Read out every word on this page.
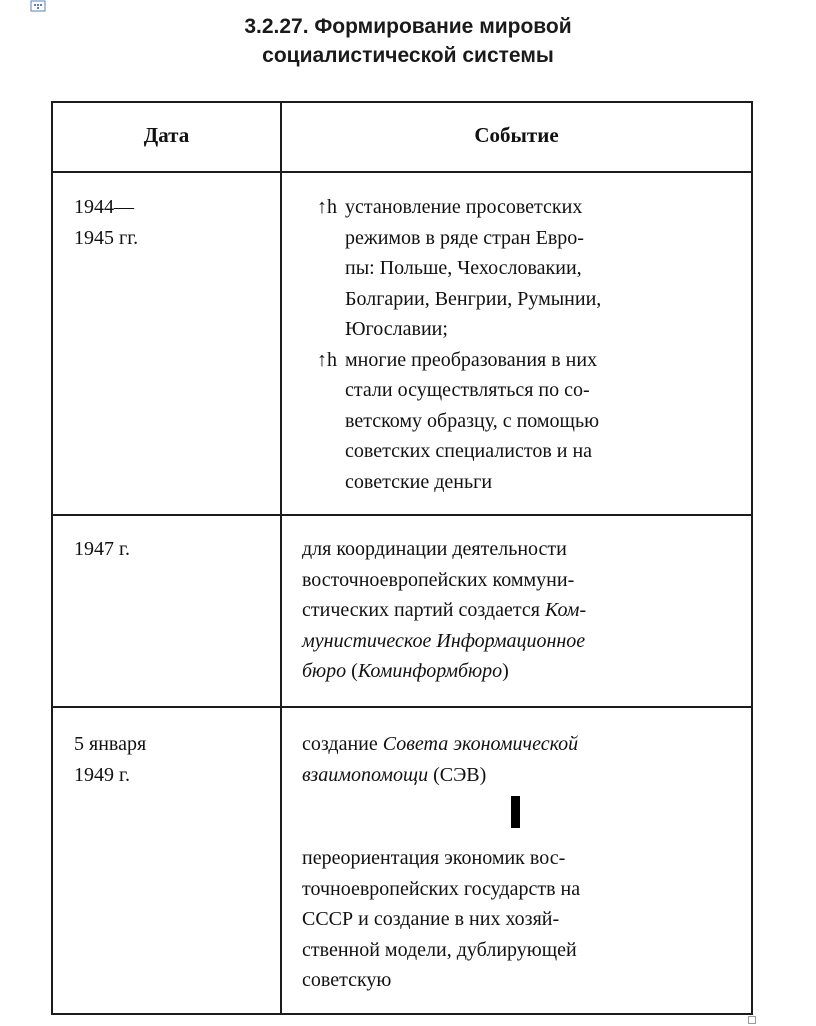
3.2.27. Формирование мировой
социалистической системы
Дата	Событие
1944—
1945 гг.
↑h установление просоветских
режимов в ряде стран Евро-
пы: Польше, Чехословакии,
Болгарии, Венгрии, Румынии,
Югославии;
↑h многие преобразования в них
стали осуществляться по со-
ветскому образцу, с помощью
советских специалистов и на
советские деньги
1947 г.	для координации деятельности
восточноевропейских коммуни-
стических партий создается Ком-
мунистическое Информационное
бюро (Коминформбюро)
5 января
1949 г.
создание Совета экономической
взаимопомощи (СЭВ)
переориентация экономик вос-
точноевропейских государств на
СССР и создание в них хозяй-
ственной модели, дублирующей
советскую
